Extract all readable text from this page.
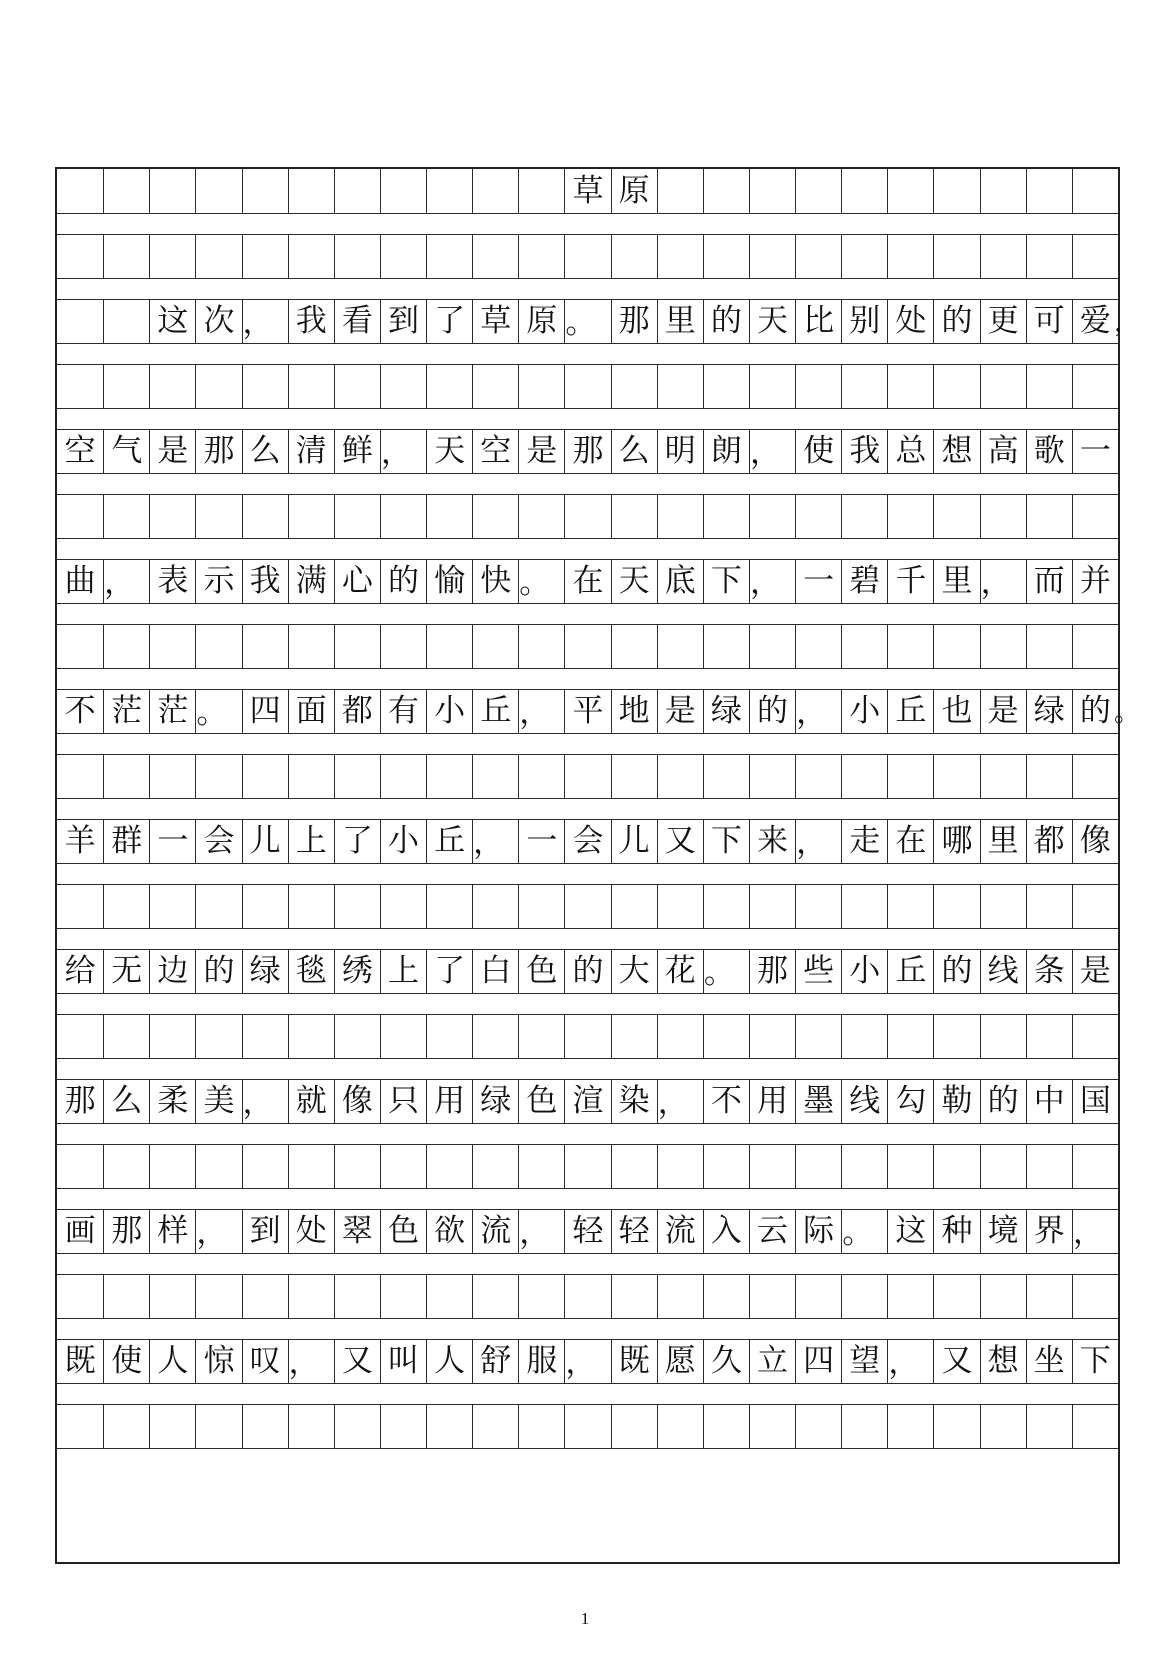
草 原
，
这 次 ， 我 看 到 了 草 原 。 那 里 的 天 比 别 处 的 更 可 爱
空 气 是 那 么 清 鲜 ， 天 空 是 那 么 明 朗 ， 使 我 总 想 高 歌 一
曲 ， 表 示 我 满 心 的 愉 快 。 在 天 底 下 ， 一 碧 千 里 ， 而 并
。
不 茫 茫 。 四 面 都 有 小 丘 ， 平 地 是 绿 的 ， 小 丘 也 是 绿 的
羊 群 一 会 儿 上 了 小 丘 ， 一 会 儿 又 下 来 ， 走 在 哪 里 都 像
给 无 边 的 绿 毯 绣 上 了 白 色 的 大 花 。 那 些 小 丘 的 线 条 是
那 么 柔 美 ， 就 像 只 用 绿 色 渲 染 ， 不 用 墨 线 勾 勒 的 中 国
画 那 样 ， 到 处 翠 色 欲 流 ， 轻 轻 流 入 云 际 。 这 种 境 界 ，
既 使 人 惊 叹 ， 又 叫 人 舒 服 ， 既 愿 久 立 四 望 ， 又 想 坐 下
1
